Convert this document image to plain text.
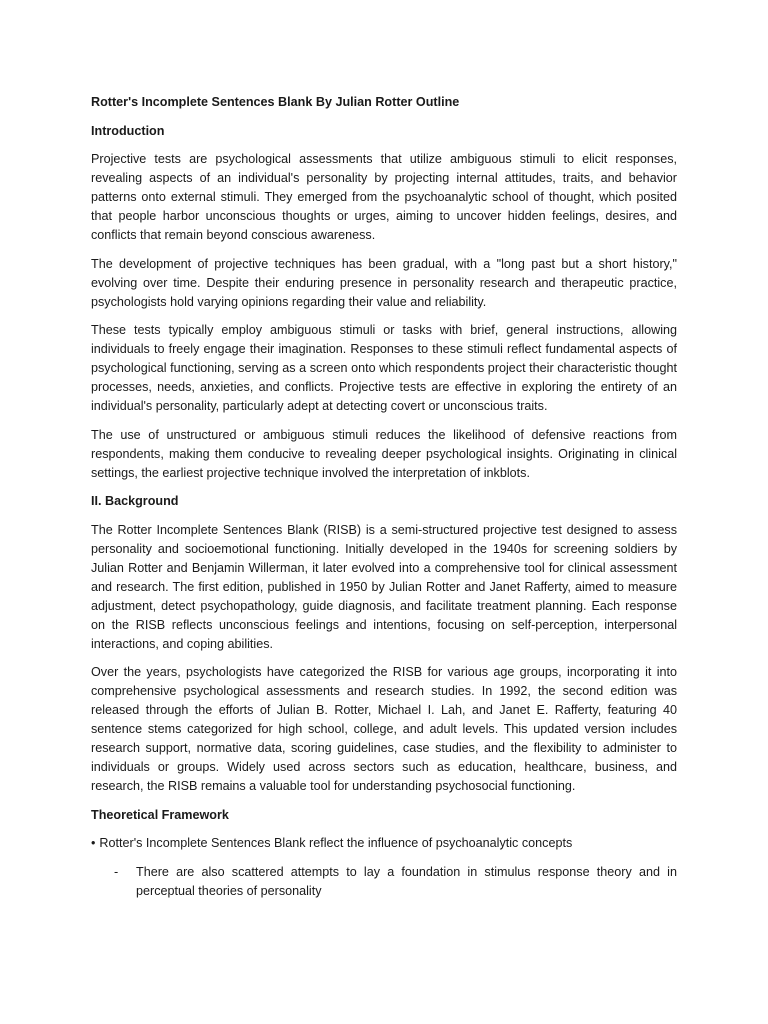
Rotter's Incomplete Sentences Blank By Julian Rotter Outline
Introduction

Projective tests are psychological assessments that utilize ambiguous stimuli to elicit responses, revealing aspects of an individual's personality by projecting internal attitudes, traits, and behavior patterns onto external stimuli. They emerged from the psychoanalytic school of thought, which posited that people harbor unconscious thoughts or urges, aiming to uncover hidden feelings, desires, and conflicts that remain beyond conscious awareness.

The development of projective techniques has been gradual, with a "long past but a short history," evolving over time. Despite their enduring presence in personality research and therapeutic practice, psychologists hold varying opinions regarding their value and reliability.

These tests typically employ ambiguous stimuli or tasks with brief, general instructions, allowing individuals to freely engage their imagination. Responses to these stimuli reflect fundamental aspects of psychological functioning, serving as a screen onto which respondents project their characteristic thought processes, needs, anxieties, and conflicts. Projective tests are effective in exploring the entirety of an individual's personality, particularly adept at detecting covert or unconscious traits.

The use of unstructured or ambiguous stimuli reduces the likelihood of defensive reactions from respondents, making them conducive to revealing deeper psychological insights. Originating in clinical settings, the earliest projective technique involved the interpretation of inkblots.

II. Background

The Rotter Incomplete Sentences Blank (RISB) is a semi-structured projective test designed to assess personality and socioemotional functioning. Initially developed in the 1940s for screening soldiers by Julian Rotter and Benjamin Willerman, it later evolved into a comprehensive tool for clinical assessment and research. The first edition, published in 1950 by Julian Rotter and Janet Rafferty, aimed to measure adjustment, detect psychopathology, guide diagnosis, and facilitate treatment planning. Each response on the RISB reflects unconscious feelings and intentions, focusing on self-perception, interpersonal interactions, and coping abilities.

Over the years, psychologists have categorized the RISB for various age groups, incorporating it into comprehensive psychological assessments and research studies. In 1992, the second edition was released through the efforts of Julian B. Rotter, Michael I. Lah, and Janet E. Rafferty, featuring 40 sentence stems categorized for high school, college, and adult levels. This updated version includes research support, normative data, scoring guidelines, case studies, and the flexibility to administer to individuals or groups. Widely used across sectors such as education, healthcare, business, and research, the RISB remains a valuable tool for understanding psychosocial functioning.

Theoretical Framework
• Rotter's Incomplete Sentences Blank reflect the influence of psychoanalytic concepts
- There are also scattered attempts to lay a foundation in stimulus response theory and in perceptual theories of personality
